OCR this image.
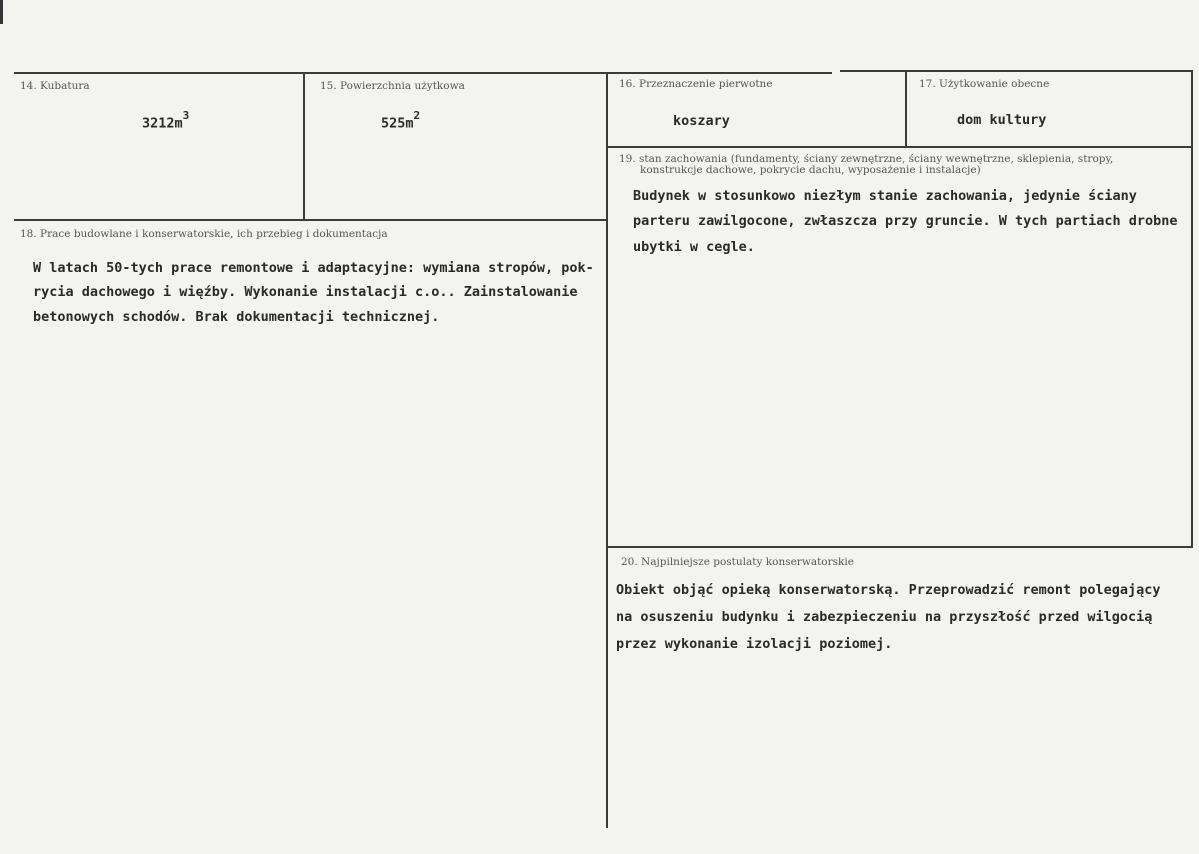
14. Kubatura
$3212m^3$
15. Powierzchnia użytkowa
$525m^2$
16. Przeznaczenie pierwotne
koszary
17. Użytkowanie obecne
dom kultury
18. Prace budowlane i konserwatorskie, ich przebieg i dokumentacja
W latach 50-tych prace remontowe i adaptacyjne: wymiana stropów, pok-
rycia dachowego i więźby. Wykonanie instalacji c.o.. Zainstalowanie
betonowych schodów. Brak dokumentacji technicznej.
19. stan zachowania (fundamenty, ściany zewnętrzne, ściany wewnętrzne, sklepienia, stropy,
konstrukcje dachowe, pokrycie dachu, wyposażenie i instalacje)
Budynek w stosunkowo niezłym stanie zachowania, jedynie ściany
parteru zawilgocone, zwłaszcza przy gruncie. W tych partiach drobne
ubytki w cegle.
20. Najpilniejsze postulaty konserwatorskie
Obiekt objąć opieką konserwatorską. Przeprowadzić remont polegający
na osuszeniu budynku i zabezpieczeniu na przyszłość przed wilgocią
przez wykonanie izolacji poziomej.
